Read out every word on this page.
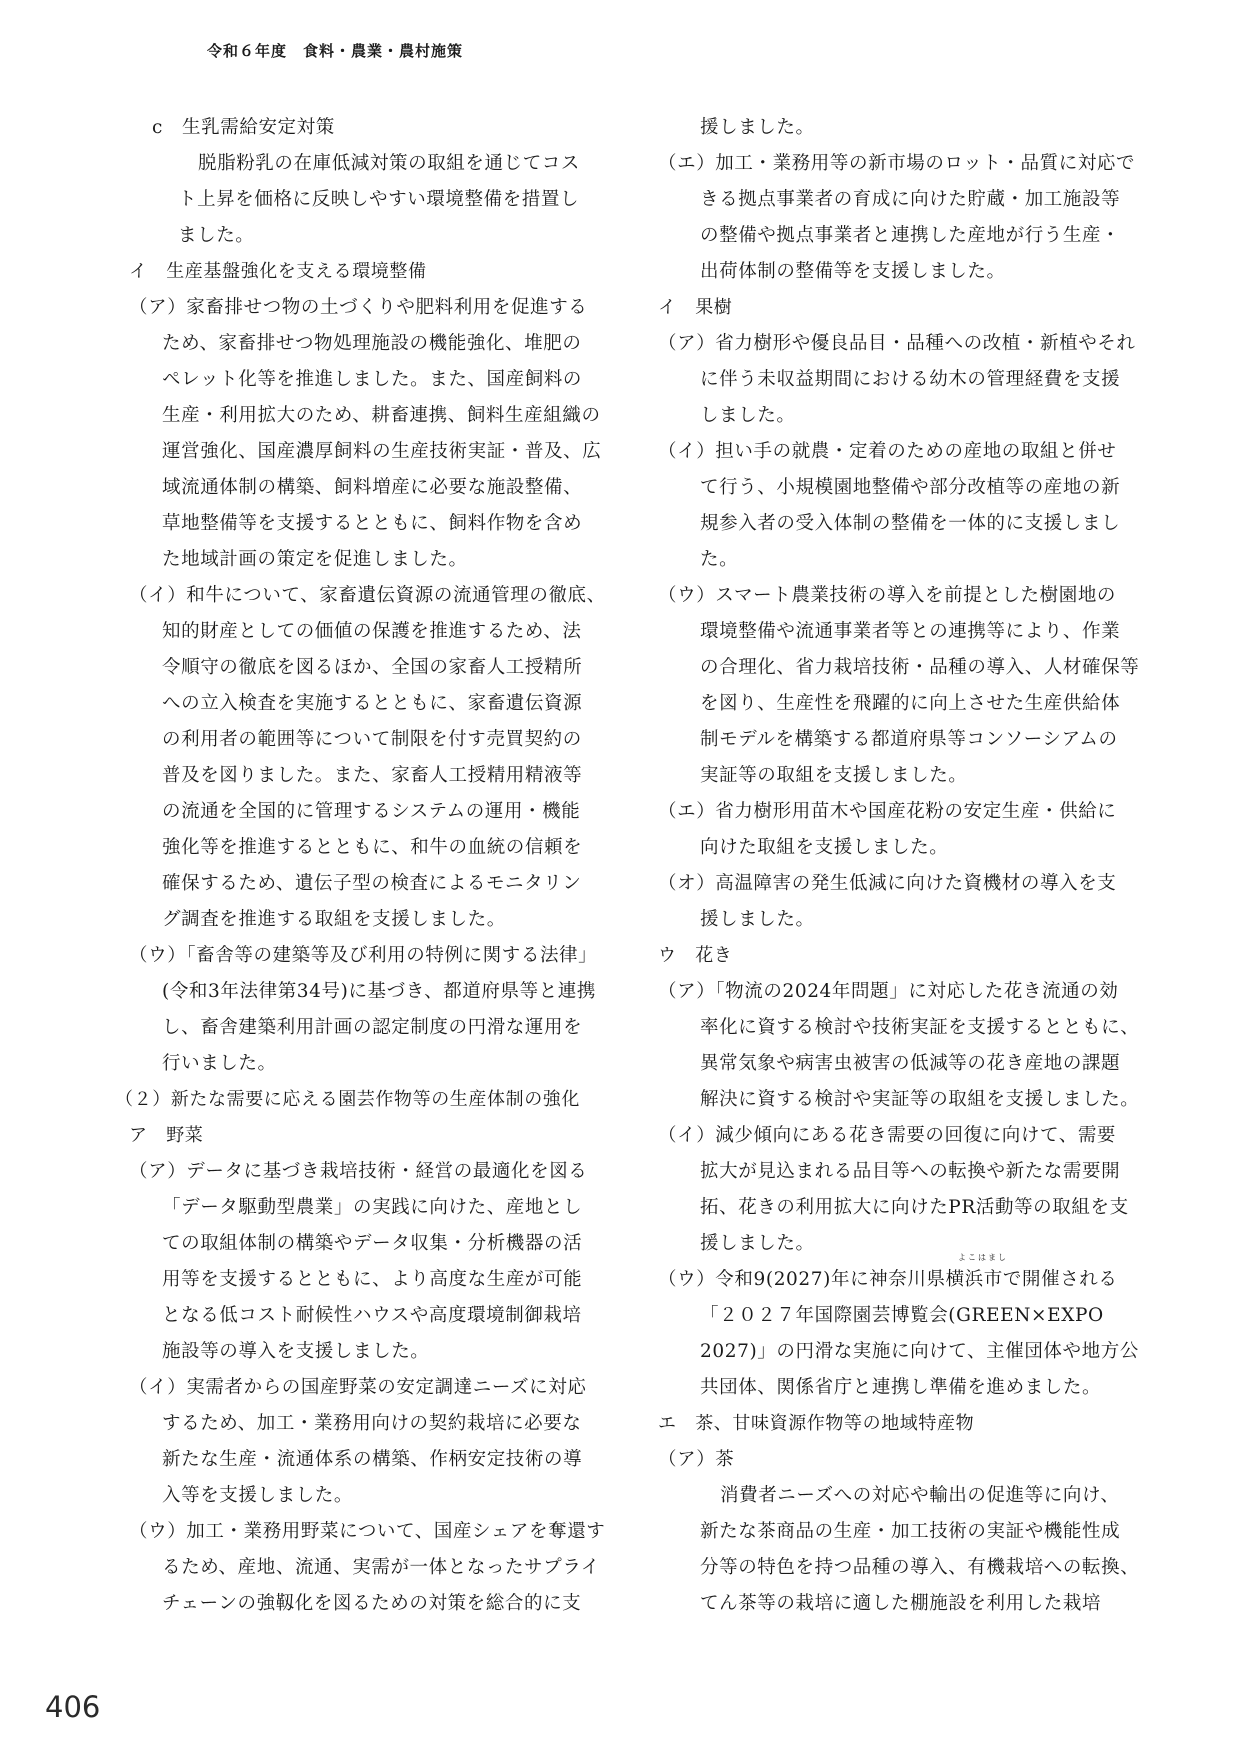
令和６年度　食料・農業・農村施策
c　生乳需給安定対策
脱脂粉乳の在庫低減対策の取組を通じてコス
ト上昇を価格に反映しやすい環境整備を措置し
ました。
イ　生産基盤強化を支える環境整備
（ア）家畜排せつ物の土づくりや肥料利用を促進する
ため、家畜排せつ物処理施設の機能強化、堆肥の
ペレット化等を推進しました。また、国産飼料の
生産・利用拡大のため、耕畜連携、飼料生産組織の
運営強化、国産濃厚飼料の生産技術実証・普及、広
域流通体制の構築、飼料増産に必要な施設整備、
草地整備等を支援するとともに、飼料作物を含め
た地域計画の策定を促進しました。
（イ）和牛について、家畜遺伝資源の流通管理の徹底、
知的財産としての価値の保護を推進するため、法
令順守の徹底を図るほか、全国の家畜人工授精所
への立入検査を実施するとともに、家畜遺伝資源
の利用者の範囲等について制限を付す売買契約の
普及を図りました。また、家畜人工授精用精液等
の流通を全国的に管理するシステムの運用・機能
強化等を推進するとともに、和牛の血統の信頼を
確保するため、遺伝子型の検査によるモニタリン
グ調査を推進する取組を支援しました。
（ウ）「畜舎等の建築等及び利用の特例に関する法律」
(令和3年法律第34号)に基づき、都道府県等と連携
し、畜舎建築利用計画の認定制度の円滑な運用を
行いました。
（２）新たな需要に応える園芸作物等の生産体制の強化
ア　野菜
（ア）データに基づき栽培技術・経営の最適化を図る
「データ駆動型農業」の実践に向けた、産地とし
ての取組体制の構築やデータ収集・分析機器の活
用等を支援するとともに、より高度な生産が可能
となる低コスト耐候性ハウスや高度環境制御栽培
施設等の導入を支援しました。
（イ）実需者からの国産野菜の安定調達ニーズに対応
するため、加工・業務用向けの契約栽培に必要な
新たな生産・流通体系の構築、作柄安定技術の導
入等を支援しました。
（ウ）加工・業務用野菜について、国産シェアを奪還す
るため、産地、流通、実需が一体となったサプライ
チェーンの強靱化を図るための対策を総合的に支
援しました。
（エ）加工・業務用等の新市場のロット・品質に対応で
きる拠点事業者の育成に向けた貯蔵・加工施設等
の整備や拠点事業者と連携した産地が行う生産・
出荷体制の整備等を支援しました。
イ　果樹
（ア）省力樹形や優良品目・品種への改植・新植やそれ
に伴う未収益期間における幼木の管理経費を支援
しました。
（イ）担い手の就農・定着のための産地の取組と併せ
て行う、小規模園地整備や部分改植等の産地の新
規参入者の受入体制の整備を一体的に支援しまし
た。
（ウ）スマート農業技術の導入を前提とした樹園地の
環境整備や流通事業者等との連携等により、作業
の合理化、省力栽培技術・品種の導入、人材確保等
を図り、生産性を飛躍的に向上させた生産供給体
制モデルを構築する都道府県等コンソーシアムの
実証等の取組を支援しました。
（エ）省力樹形用苗木や国産花粉の安定生産・供給に
向けた取組を支援しました。
（オ）高温障害の発生低減に向けた資機材の導入を支
援しました。
ウ　花き
（ア）「物流の2024年問題」に対応した花き流通の効
率化に資する検討や技術実証を支援するとともに、
異常気象や病害虫被害の低減等の花き産地の課題
解決に資する検討や実証等の取組を支援しました。
（イ）減少傾向にある花き需要の回復に向けて、需要
拡大が見込まれる品目等への転換や新たな需要開
拓、花きの利用拡大に向けたPR活動等の取組を支
援しました。
よこはまし
（ウ）令和9(2027)年に神奈川県横浜市で開催される
「２０２７年国際園芸博覧会(GREEN×EXPO
2027)」の円滑な実施に向けて、主催団体や地方公
共団体、関係省庁と連携し準備を進めました。
エ　茶、甘味資源作物等の地域特産物
（ア）茶
消費者ニーズへの対応や輸出の促進等に向け、
新たな茶商品の生産・加工技術の実証や機能性成
分等の特色を持つ品種の導入、有機栽培への転換、
てん茶等の栽培に適した棚施設を利用した栽培
406
